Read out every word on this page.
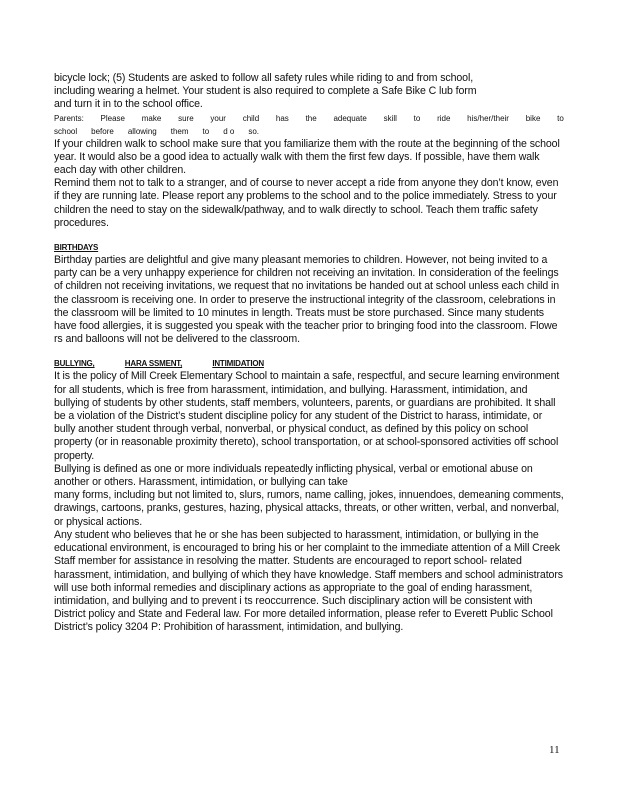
bicycle lock; (5) Students are asked to follow all safety rules while riding to and from school,

including wearing a helmet. Your student is also required to complete a Safe Bike C lub form

and turn it in to the school office.

Parents: Please make sure your child has the adequate skill to ride his/her/their bike to
school before allowing them to d o so.

If your children walk to school make sure that you familiarize them with the route at the beginning of the school year. It would also be a good idea to actually walk with them the first few days. If possible, have them walk each day with other children.

Remind them not to talk to a stranger, and of course to never accept a ride from anyone they don’t know, even if they are running late. Please report any problems to the school and to the police immediately. Stress to your children the need to stay on the sidewalk/pathway, and to walk directly to school. Teach them traffic safety procedures.

BIRTHDAYS

Birthday parties are delightful and give many pleasant memories to children. However, not being invited to a party can be a very unhappy experience for children not receiving an invitation. In consideration of the feelings of children not receiving invitations, we request that no invitations be handed out at school unless each child in the classroom is receiving one. In order to preserve the instructional integrity of the classroom, celebrations in the classroom will be limited to 10 minutes in length. Treats must be store purchased. Since many students have food allergies, it is suggested you speak with the teacher prior to bringing food into the classroom. Flowe rs and balloons will not be delivered to the classroom.

BULLYING,	HARA SSMENT,	INTIMIDATION

It is the policy of Mill Creek Elementary School to maintain a safe, respectful, and secure learning environment for all students, which is free from harassment, intimidation, and bullying. Harassment, intimidation, and bullying of students by other students, staff members, volunteers, parents, or guardians are prohibited. It shall be a violation of the District’s student discipline policy for any student of the District to harass, intimidate, or bully another student through verbal, nonverbal, or physical conduct, as defined by this policy on school property (or in reasonable proximity thereto), school transportation, or at school-sponsored activities off school property.

Bullying is defined as one or more individuals repeatedly inflicting physical, verbal or emotional abuse on another or others. Harassment, intimidation, or bullying can take

many forms, including but not limited to, slurs, rumors, name calling, jokes, innuendoes, demeaning comments, drawings, cartoons, pranks, gestures, hazing, physical attacks, threats, or other written, verbal, and nonverbal, or physical actions.

Any student who believes that he or she has been subjected to harassment, intimidation, or bullying in the educational environment, is encouraged to bring his or her complaint to the immediate attention of a Mill Creek Staff member for assistance in resolving the matter. Students are encouraged to report school- related harassment, intimidation, and bullying of which they have knowledge. Staff members and school administrators will use both informal remedies and disciplinary actions as appropriate to the goal of ending harassment, intimidation, and bullying and to prevent i ts reoccurrence. Such disciplinary action will be consistent with District policy and State and Federal law. For more detailed information, please refer to Everett Public School District’s policy 3204 P: Prohibition of harassment, intimidation, and bullying.

11
